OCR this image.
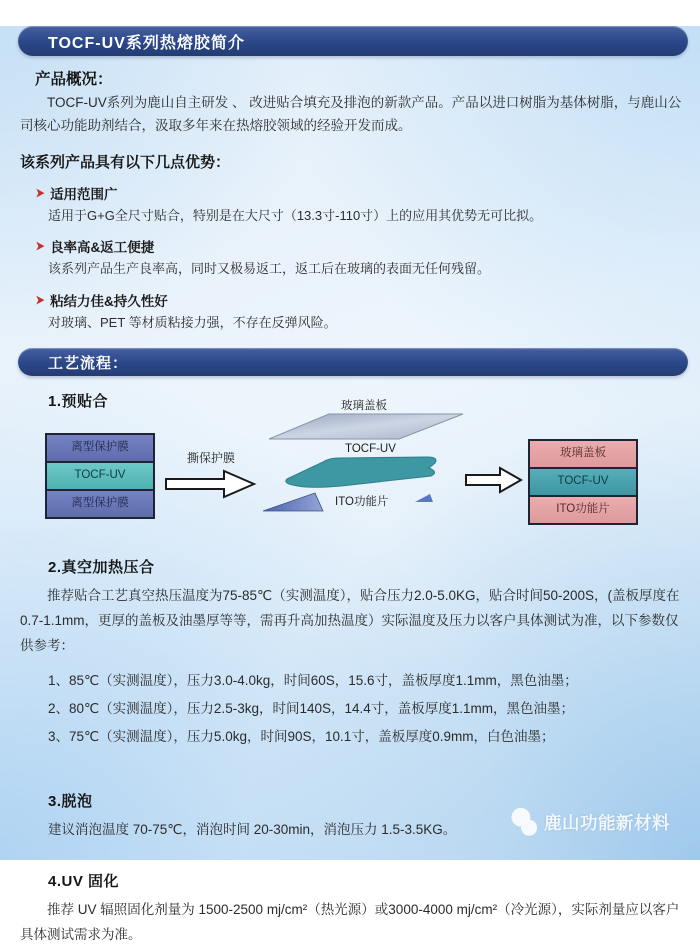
TOCF-UV系列热熔胶简介
产品概况：

TOCF-UV系列为鹿山自主研发 、 改进贴合填充及排泡的新款产品。产品以进口树脂为基体树脂，与鹿山公司核心功能助剂结合，汲取多年来在热熔胶领域的经验开发而成。

该系列产品具有以下几点优势：
➤ 适用范围广
适用于G+G全尺寸贴合，特别是在大尺寸（13.3寸-110寸）上的应用其优势无可比拟。
➤ 良率高&返工便捷
该系列产品生产良率高，同时又极易返工，返工后在玻璃的表面无任何残留。
➤ 粘结力佳&持久性好
对玻璃、PET 等材质粘接力强，不存在反弹风险。
工艺流程：
1.预贴合
离型保护膜
TOCF-UV
离型保护膜
撕保护膜
玻璃盖板
TOCF-UV
ITO功能片
玻璃盖板
TOCF-UV
ITO功能片
2.真空加热压合

推荐贴合工艺真空热压温度为75-85℃（实测温度），贴合压力2.0-5.0KG，贴合时间50-200S，(盖板厚度在 0.7-1.1mm，更厚的盖板及油墨厚等等，需再升高加热温度）实际温度及压力以客户具体测试为准，以下参数仅供参考：

1、85℃（实测温度），压力3.0-4.0kg，时间60S，15.6寸，盖板厚度1.1mm，黑色油墨；
2、80℃（实测温度），压力2.5-3kg，时间140S，14.4寸，盖板厚度1.1mm，黑色油墨；
3、75℃（实测温度），压力5.0kg，时间90S，10.1寸，盖板厚度0.9mm，白色油墨；
3.脱泡

建议消泡温度 70-75℃，消泡时间 20-30min，消泡压力 1.5-3.5KG。

4.UV 固化

推荐 UV 辐照固化剂量为 1500-2500 mj/cm²（热光源）或3000-4000 mj/cm²（冷光源），实际剂量应以客户具体测试需求为准。

鹿山功能新材料
